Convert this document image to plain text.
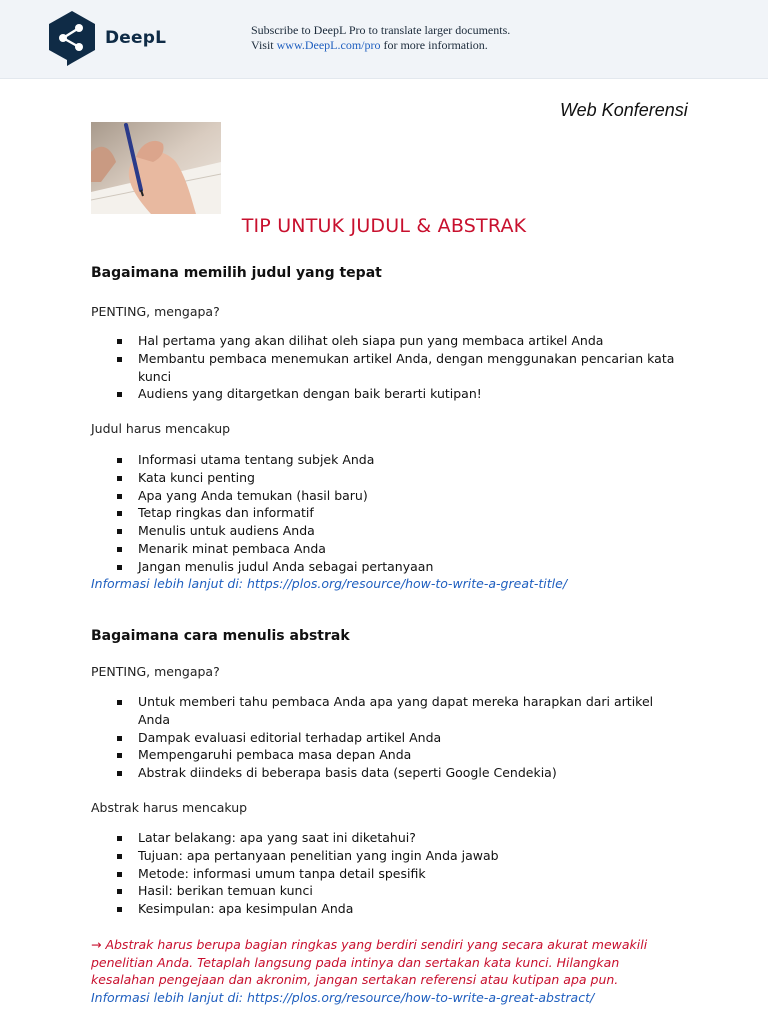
DeepL	Subscribe to DeepL Pro to translate larger documents.
Visit www.DeepL.com/pro for more information.
Web Konferensi
TIP UNTUK JUDUL & ABSTRAK
Bagaimana memilih judul yang tepat
PENTING, mengapa?
Hal pertama yang akan dilihat oleh siapa pun yang membaca artikel Anda
Membantu pembaca menemukan artikel Anda, dengan menggunakan pencarian kata kunci
Audiens yang ditargetkan dengan baik berarti kutipan!
Judul harus mencakup
Informasi utama tentang subjek Anda
Kata kunci penting
Apa yang Anda temukan (hasil baru)
Tetap ringkas dan informatif
Menulis untuk audiens Anda
Menarik minat pembaca Anda
Jangan menulis judul Anda sebagai pertanyaan
Informasi lebih lanjut di: https://plos.org/resource/how-to-write-a-great-title/
Bagaimana cara menulis abstrak
PENTING, mengapa?
Untuk memberi tahu pembaca Anda apa yang dapat mereka harapkan dari artikel Anda
Dampak evaluasi editorial terhadap artikel Anda
Mempengaruhi pembaca masa depan Anda
Abstrak diindeks di beberapa basis data (seperti Google Cendekia)
Abstrak harus mencakup
Latar belakang: apa yang saat ini diketahui?
Tujuan: apa pertanyaan penelitian yang ingin Anda jawab
Metode: informasi umum tanpa detail spesifik
Hasil: berikan temuan kunci
Kesimpulan: apa kesimpulan Anda
→ Abstrak harus berupa bagian ringkas yang berdiri sendiri yang secara akurat mewakili penelitian Anda. Tetaplah langsung pada intinya dan sertakan kata kunci. Hilangkan kesalahan pengejaan dan akronim, jangan sertakan referensi atau kutipan apa pun.
Informasi lebih lanjut di: https://plos.org/resource/how-to-write-a-great-abstract/
